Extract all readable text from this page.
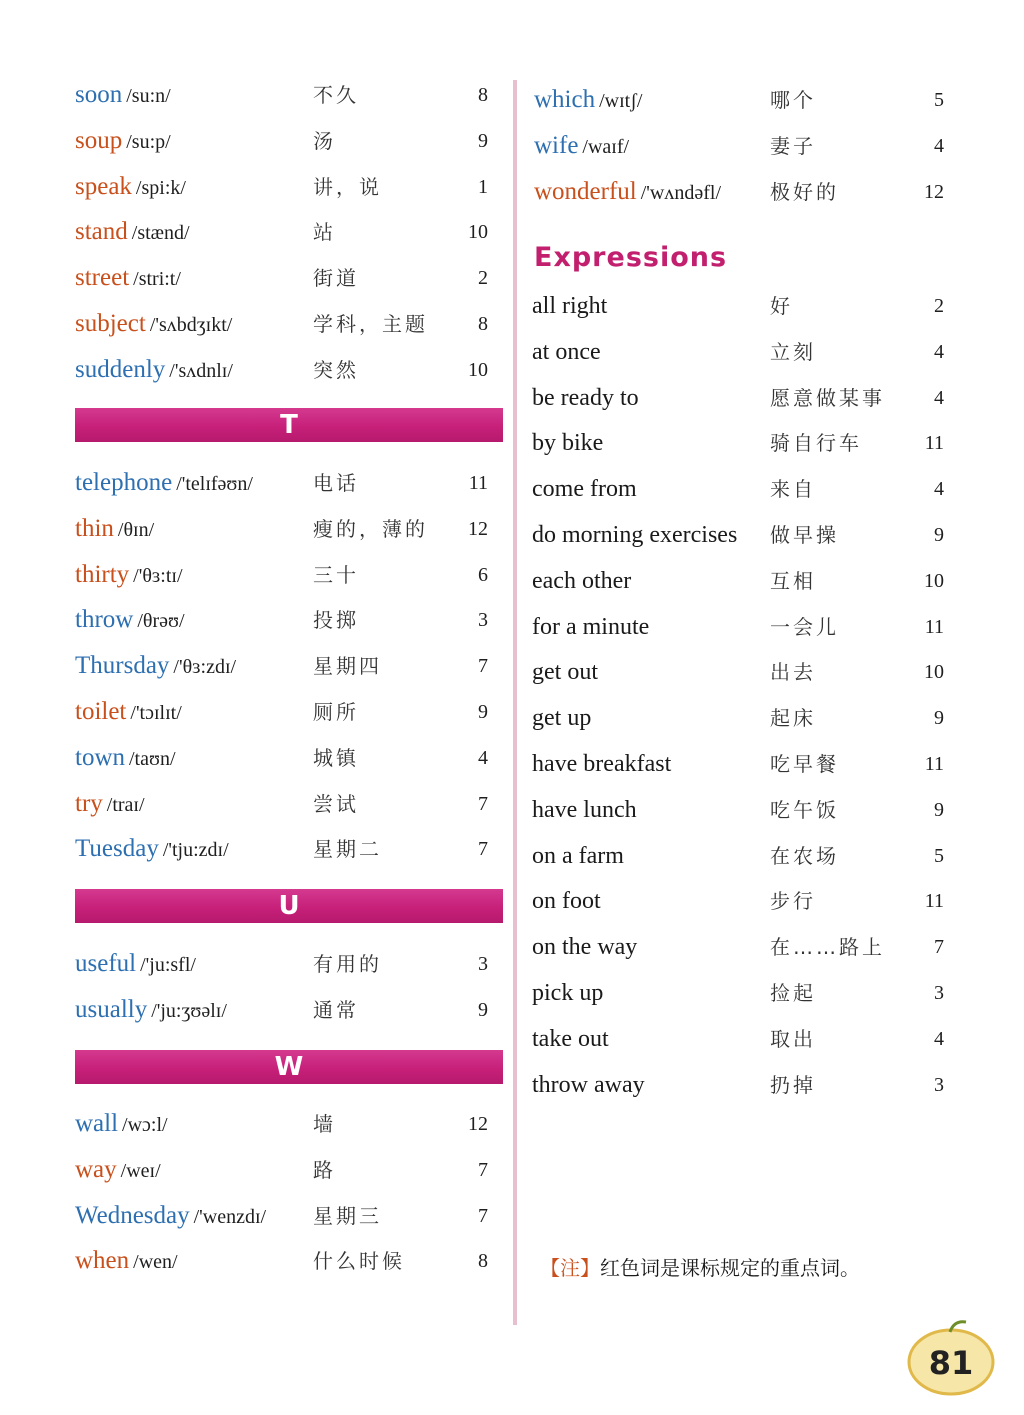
soon /su:n/	不久	8
soup /su:p/	汤	9
speak /spi:k/	讲，说	1
stand /stænd/	站	10
street /stri:t/	街道	2
subject /'sʌbdʒɪkt/	学科，主题	8
suddenly /'sʌdnlɪ/	突然	10
T
telephone /'telɪfəʊn/	电话	11
thin /θɪn/	瘦的，薄的 12
thirty /'θɜ:tɪ/	三十	6
throw /θrəʊ/	投掷	3
Thursday /'θɜ:zdɪ/	星期四	7
toilet /'tɔɪlɪt/	厕所	9
town /taʊn/	城镇	4
try /traɪ/	尝试	7
Tuesday /'tju:zdɪ/	星期二	7
U
useful /'ju:sfl/	有用的	3
usually /'ju:ʒʊəlɪ/	通常	9
W
wall /wɔ:l/	墙	12
way /weɪ/	路	7
Wednesday /'wenzdɪ/ 星期三	7
when /wen/	什么时候	8
Expressions
【注】红色词是课标规定的重点词。
which /wɪtʃ/	哪个	5
wife /waɪf/	妻子	4
wonderful /'wʌndəfl/ 极好的	12
all right	好	2
at once	立刻	4
be ready to	愿意做某事 4
by bike	骑自行车	11
come from	来自	4
do morning exercises 做早操	9
each other	互相	10
for a minute	一会儿	11
get out	出去	10
get up	起床	9
have breakfast	吃早餐	11
have lunch	吃午饭	9
on a farm	在农场	5
on foot	步行	11
on the way	在……路上 7
pick up	捡起	3
take out	取出	4
throw away	扔掉	3
81
